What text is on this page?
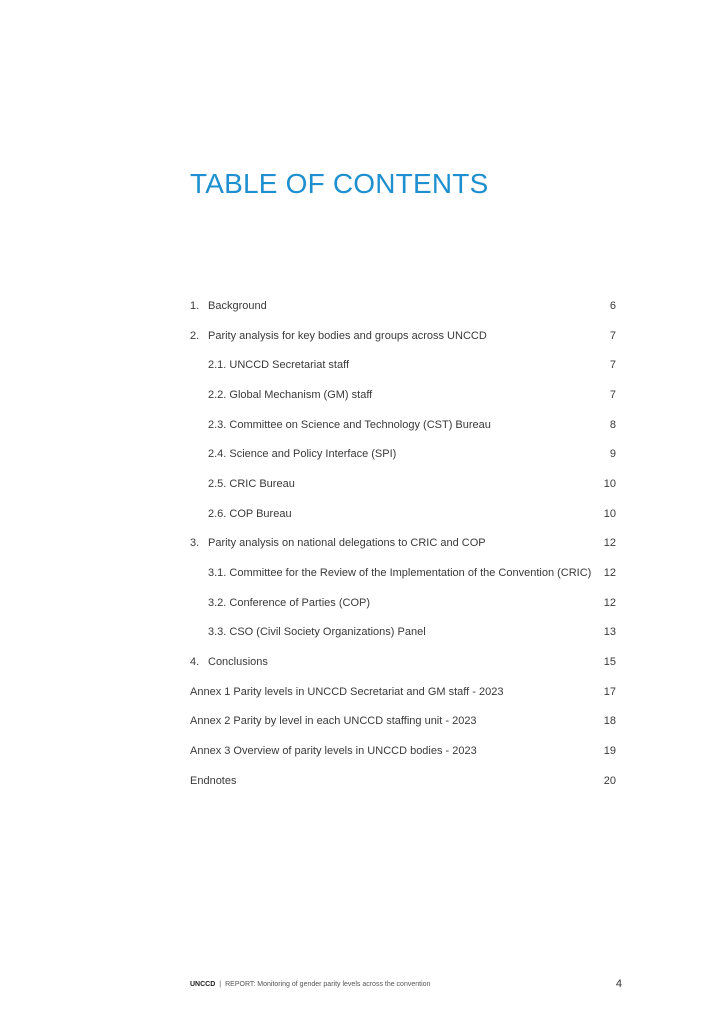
TABLE OF CONTENTS
1. Background	6
2. Parity analysis for key bodies and groups across UNCCD	7
2.1. UNCCD Secretariat staff	7
2.2. Global Mechanism (GM) staff	7
2.3. Committee on Science and Technology (CST) Bureau	8
2.4. Science and Policy Interface (SPI)	9
2.5. CRIC Bureau	10
2.6. COP Bureau	10
3. Parity analysis on national delegations to CRIC and COP	12
3.1. Committee for the Review of the Implementation of the Convention (CRIC)	12
3.2. Conference of Parties (COP)	12
3.3. CSO (Civil Society Organizations) Panel	13
4. Conclusions	15
Annex 1 Parity levels in UNCCD Secretariat and GM staff - 2023	17
Annex 2 Parity by level in each UNCCD staffing unit - 2023	18
Annex 3 Overview of parity levels in UNCCD bodies - 2023	19
Endnotes	20
UNCCD | REPORT: Monitoring of gender parity levels across the convention	4
